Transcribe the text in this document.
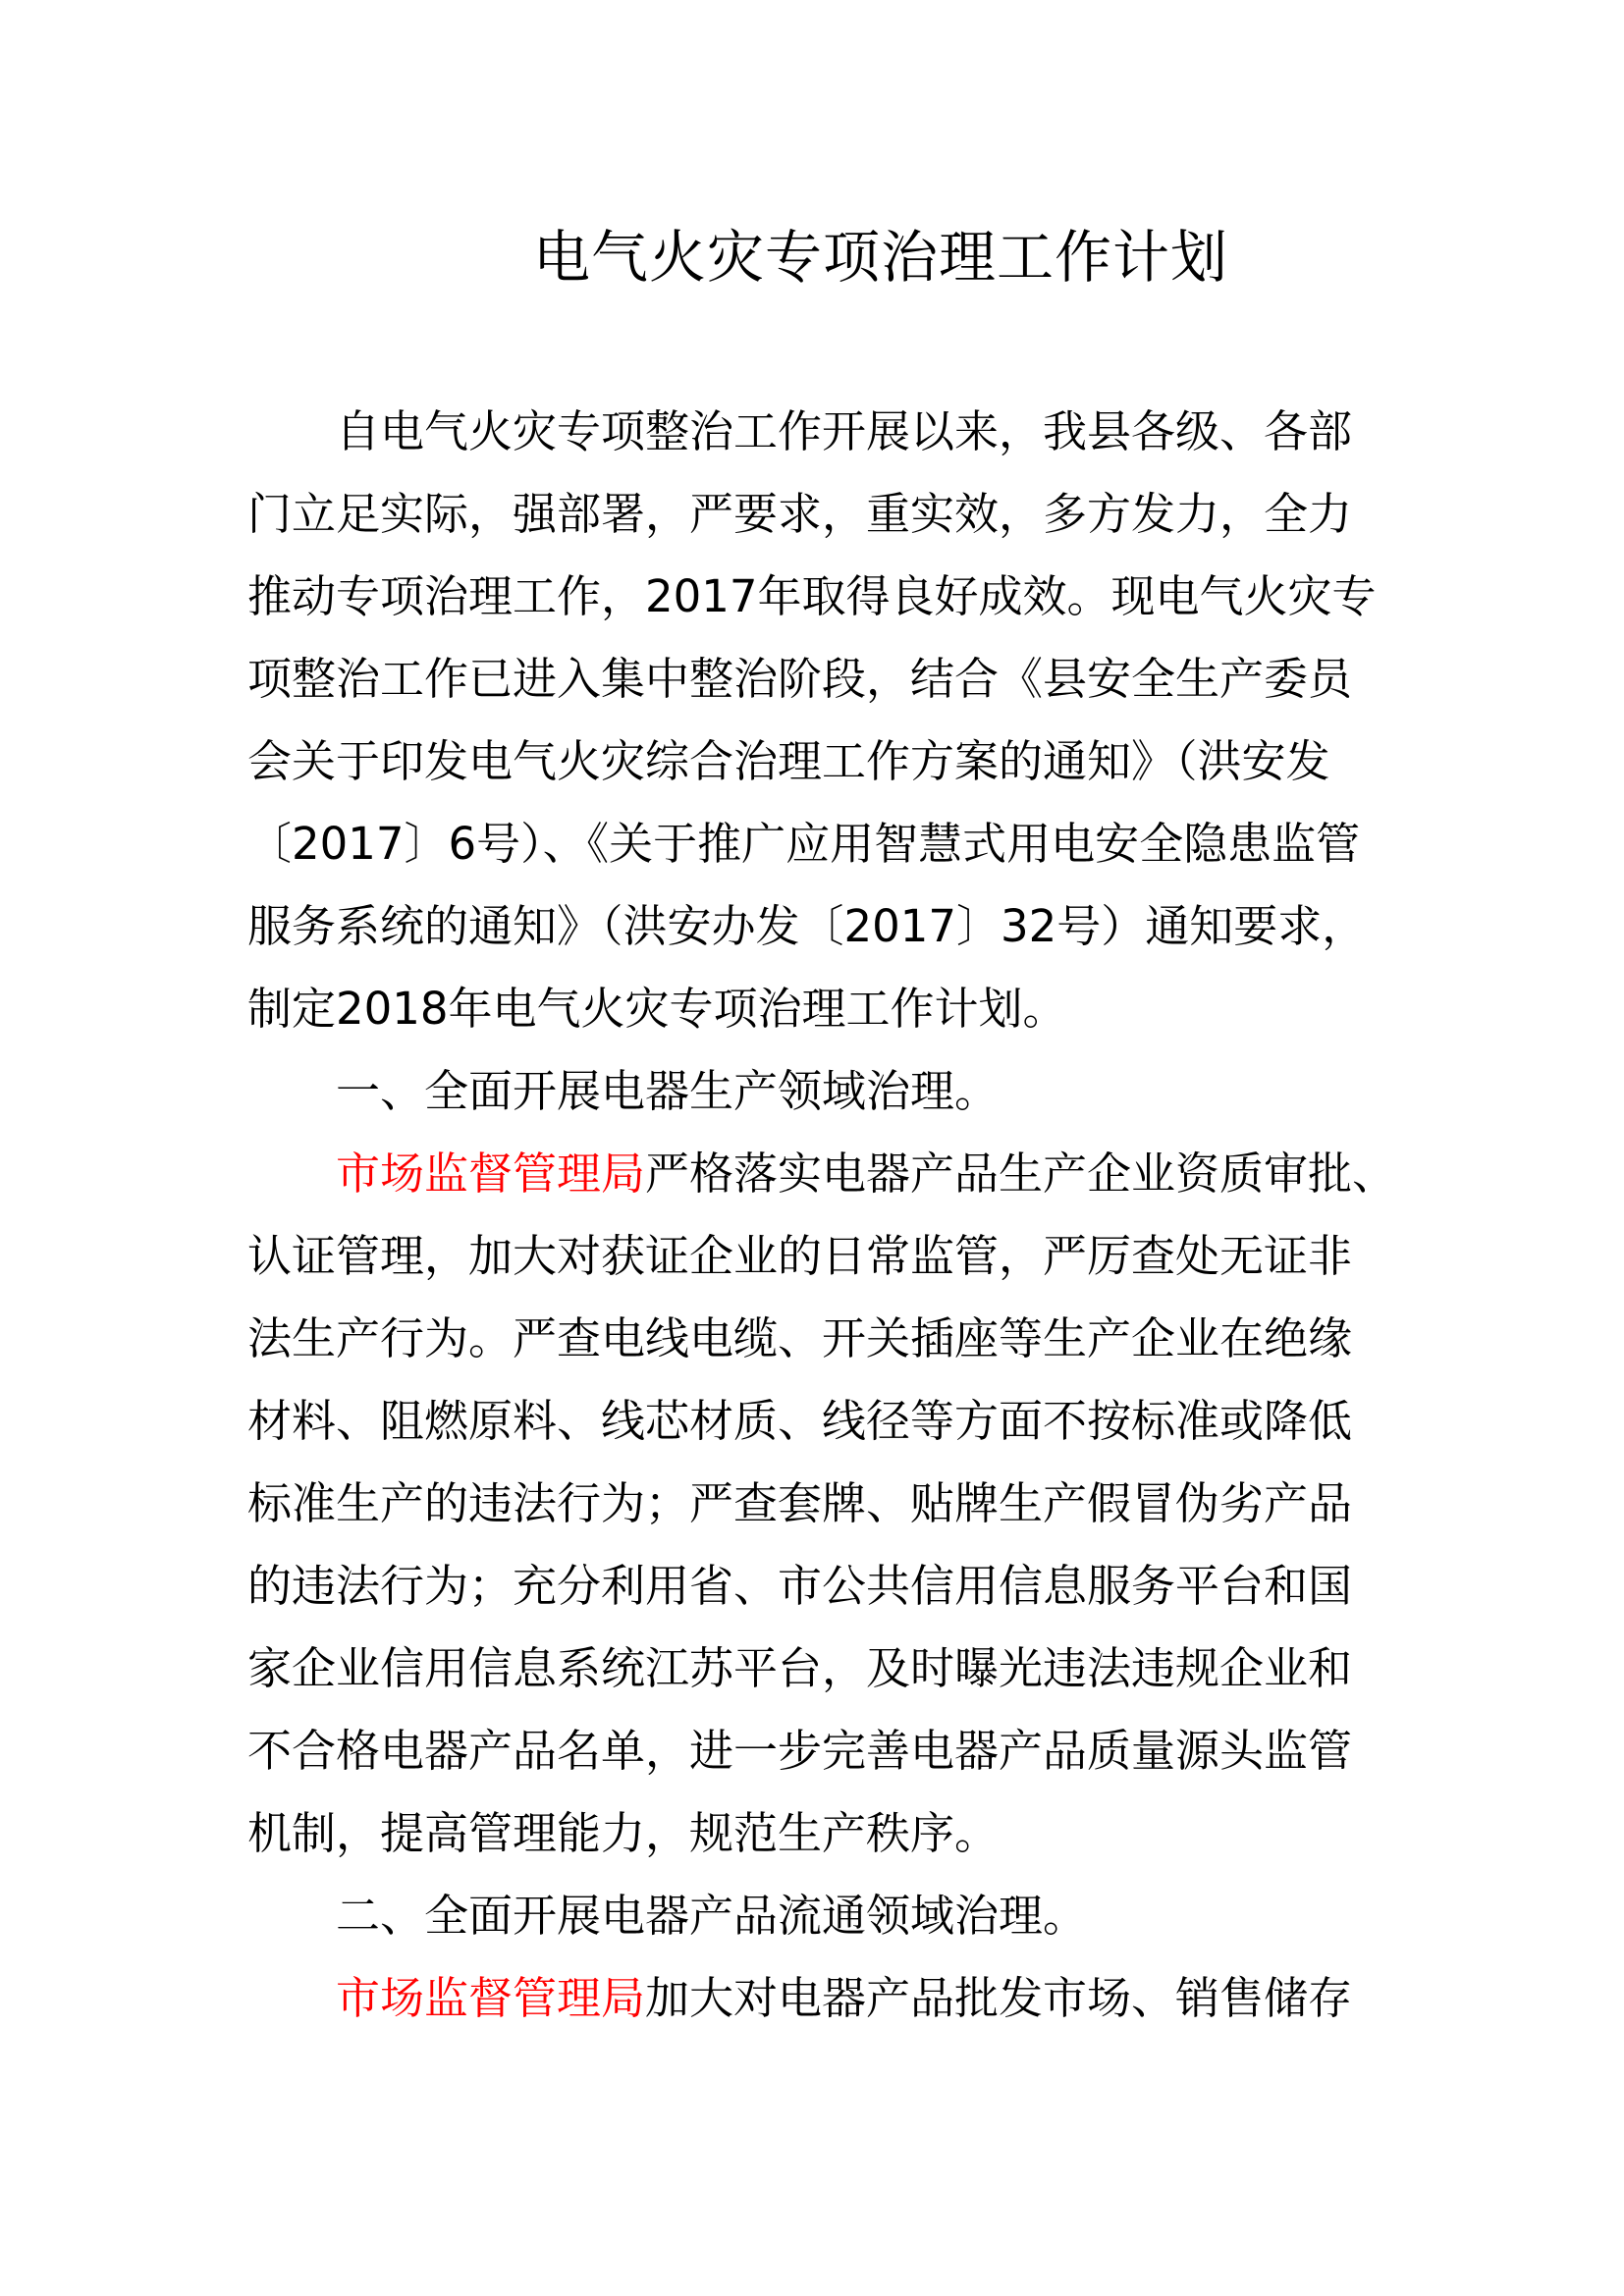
电气火灾专项治理工作计划
自电气火灾专项整治工作开展以来，我县各级、各部
门立足实际，强部署，严要求，重实效，多方发力，全力
推动专项治理工作，2017年取得良好成效。现电气火灾专
项整治工作已进入集中整治阶段，结合《县安全生产委员
会关于印发电气火灾综合治理工作方案的通知》（洪安发
〔2017〕6号）、《关于推广应用智慧式用电安全隐患监管
服务系统的通知》（洪安办发〔2017〕32号）通知要求，
制定2018年电气火灾专项治理工作计划。
一、全面开展电器生产领域治理。
市场监督管理局严格落实电器产品生产企业资质审批、
认证管理，加大对获证企业的日常监管，严厉查处无证非
法生产行为。严查电线电缆、开关插座等生产企业在绝缘
材料、阻燃原料、线芯材质、线径等方面不按标准或降低
标准生产的违法行为；严查套牌、贴牌生产假冒伪劣产品
的违法行为；充分利用省、市公共信用信息服务平台和国
家企业信用信息系统江苏平台，及时曝光违法违规企业和
不合格电器产品名单，进一步完善电器产品质量源头监管
机制，提高管理能力，规范生产秩序。
二、全面开展电器产品流通领域治理。
市场监督管理局加大对电器产品批发市场、销售储存
